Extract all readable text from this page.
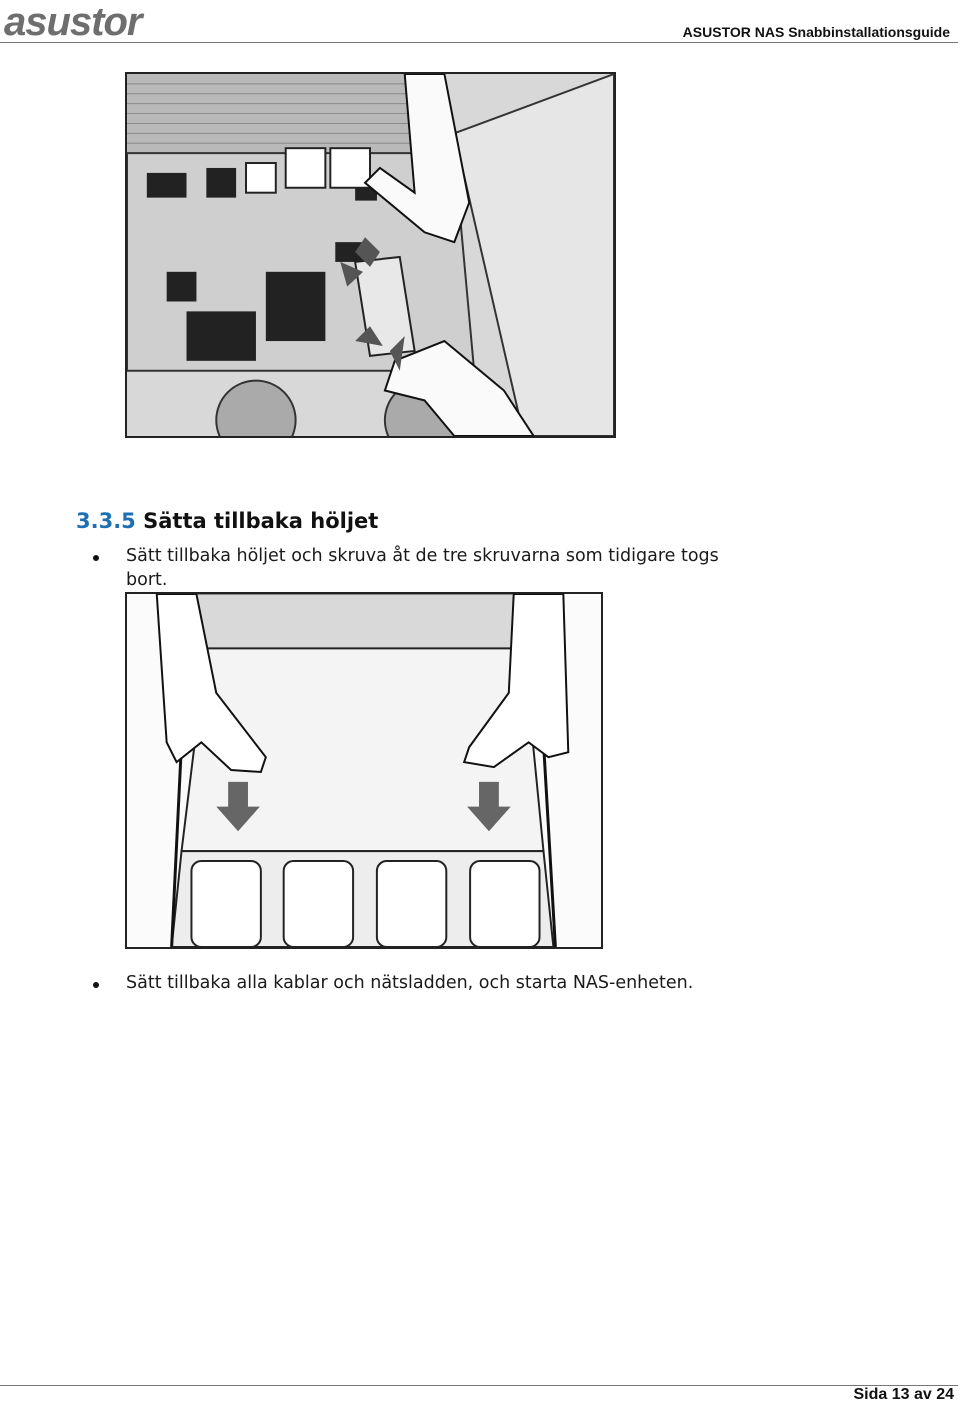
asustor	ASUSTOR NAS Snabbinstallationsguide
3.3.5 Sätta tillbaka höljet
Sätt tillbaka höljet och skruva åt de tre skruvarna som tidigare togs
bort.
Sätt tillbaka alla kablar och nätsladden, och starta NAS-enheten.
Sida 13 av 24
